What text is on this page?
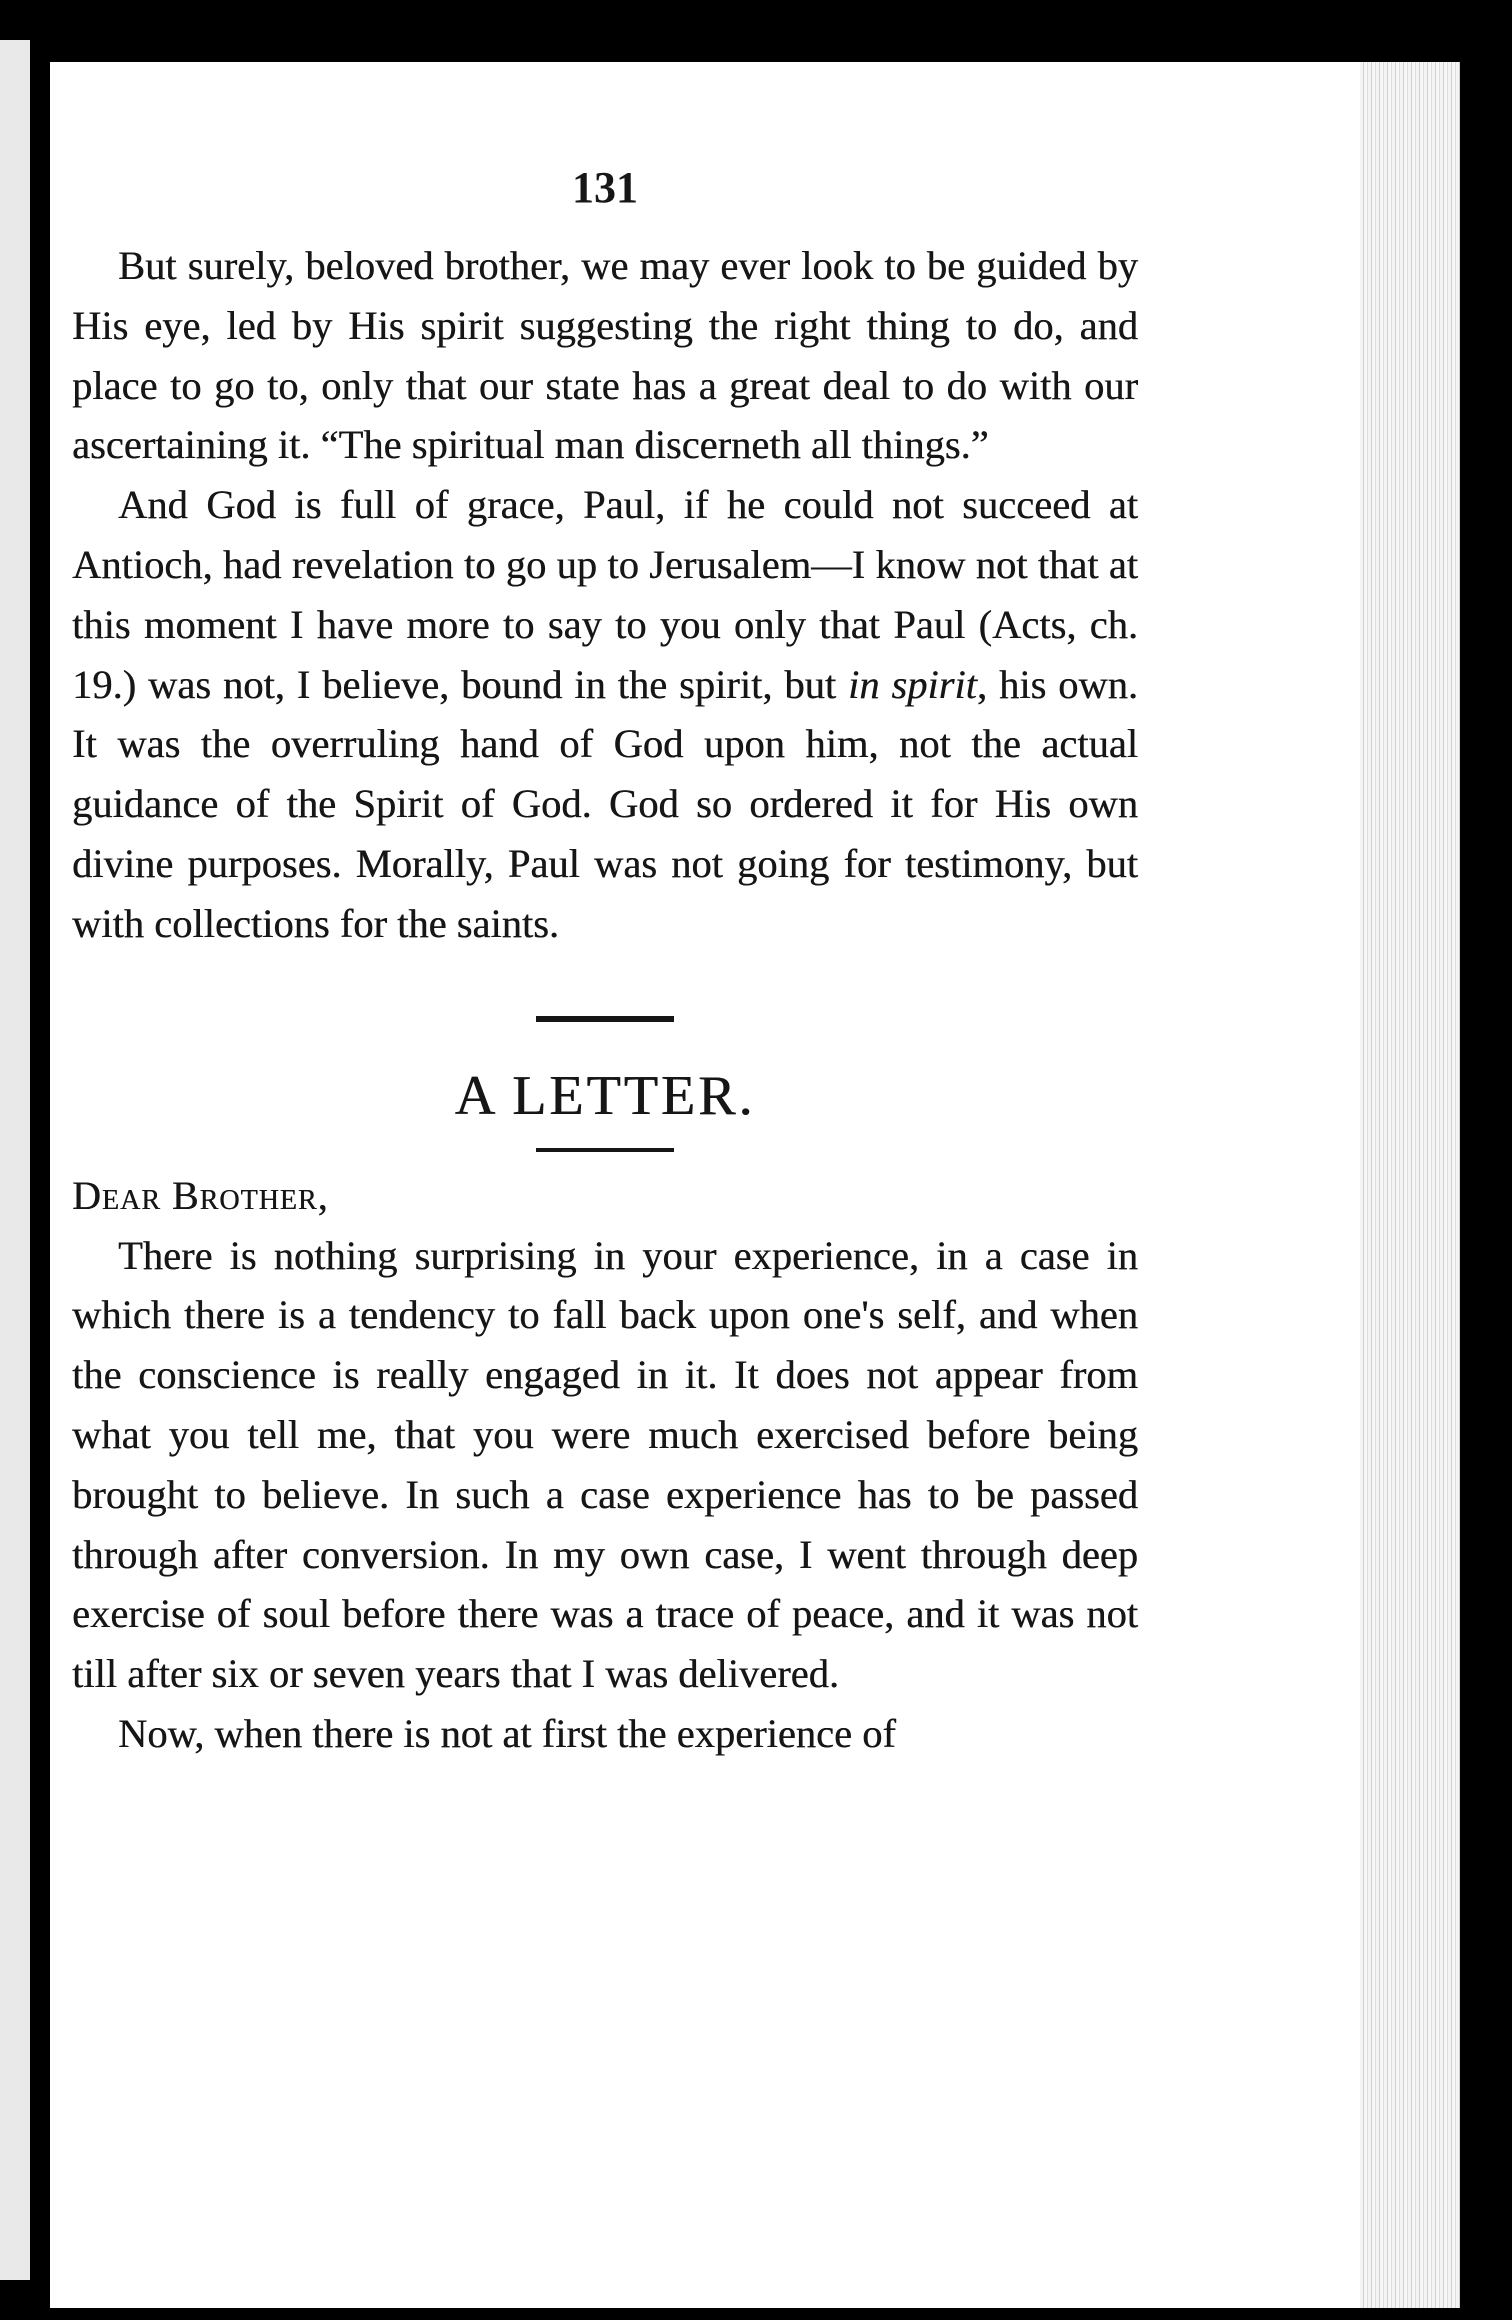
131

But surely, beloved brother, we may ever look to be guided by His eye, led by His spirit suggesting the right thing to do, and place to go to, only that our state has a great deal to do with our ascertaining it. “The spiritual man discerneth all things.”

And God is full of grace, Paul, if he could not succeed at Antioch, had revelation to go up to Jerusalem—I know not that at this moment I have more to say to you only that Paul (Acts, ch. 19.) was not, I believe, bound in the spirit, but in spirit, his own. It was the overruling hand of God upon him, not the actual guidance of the Spirit of God. God so ordered it for His own divine purposes. Morally, Paul was not going for testimony, but with collections for the saints.

A LETTER.
Dear Brother,

There is nothing surprising in your experience, in a case in which there is a tendency to fall back upon one's self, and when the conscience is really engaged in it. It does not appear from what you tell me, that you were much exercised before being brought to believe. In such a case experience has to be passed through after conversion. In my own case, I went through deep exercise of soul before there was a trace of peace, and it was not till after six or seven years that I was delivered.

Now, when there is not at first the experience of
